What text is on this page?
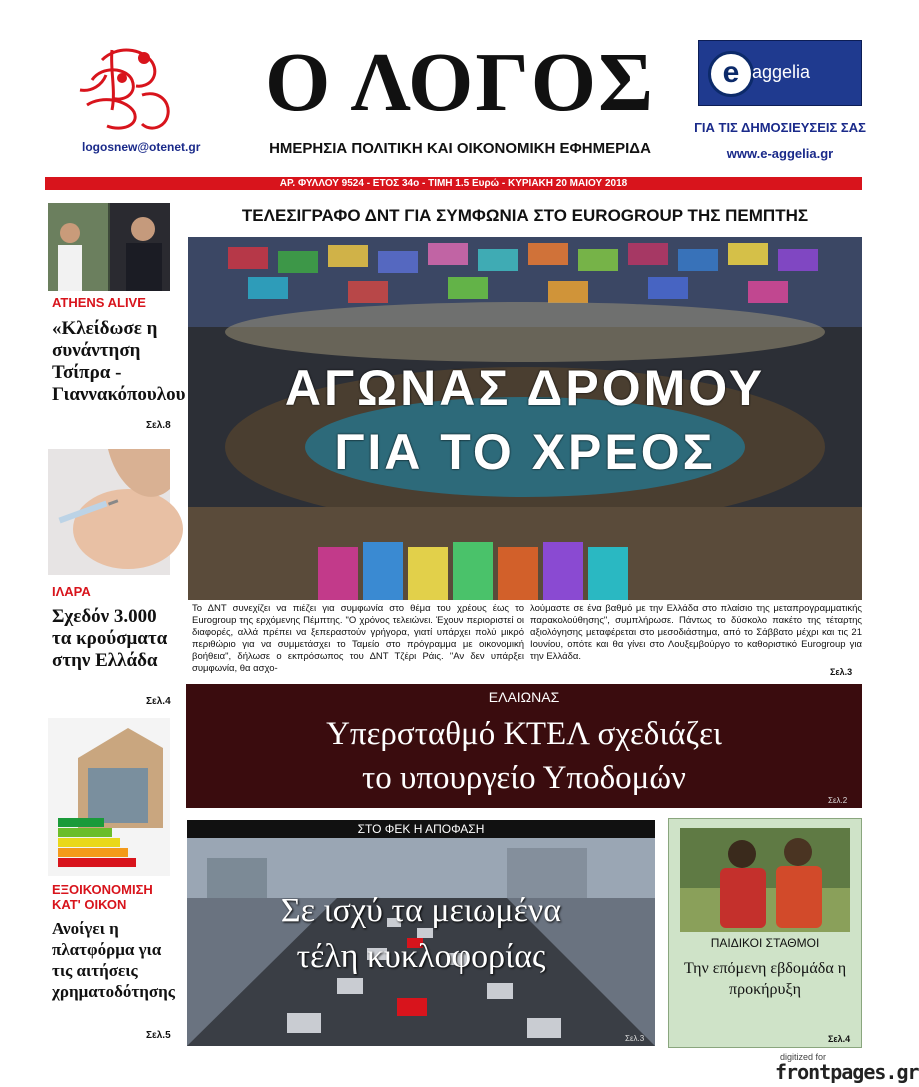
logosnew@otenet.gr
Ο ΛΟΓΟΣ
ΗΜΕΡΗΣΙΑ ΠΟΛΙΤΙΚΗ ΚΑΙ ΟΙΚΟΝΟΜΙΚΗ ΕΦΗΜΕΡΙΔΑ
e aggelia
ΓΙΑ ΤΙΣ ΔΗΜΟΣΙΕΥΣΕΙΣ ΣΑΣ
www.e-aggelia.gr
ΑΡ. ΦΥΛΛΟΥ 9524 - ΕΤΟΣ 34ο - ΤΙΜΗ 1.5 Ευρώ - ΚΥΡΙΑΚΗ 20 ΜΑΙΟΥ 2018
ATHENS ALIVE
«Κλείδωσε η συνάντηση Τσίπρα - Γιαννακόπουλου
Σελ.8
ΙΛΑΡΑ
Σχεδόν 3.000 τα κρούσματα στην Ελλάδα
Σελ.4
ΕΞΟΙΚΟΝΟΜΙΣΗ ΚΑΤ' ΟΙΚΟΝ
Ανοίγει η πλατφόρμα για τις αιτήσεις χρηματοδότησης
Σελ.5
ΤΕΛΕΣΙΓΡΑΦΟ ΔΝΤ ΓΙΑ ΣΥΜΦΩΝΙΑ ΣΤΟ EUROGROUP ΤΗΣ ΠΕΜΠΤΗΣ
ΑΓΩΝΑΣ ΔΡΟΜΟΥ
ΓΙΑ ΤΟ ΧΡΕΟΣ
Το ΔΝΤ συνεχίζει να πιέζει για συμφωνία στο θέμα του χρέους έως το Eurogroup της ερχόμενης Πέμπτης. "Ο χρόνος τελειώνει. Έχουν περιοριστεί οι διαφορές, αλλά πρέπει να ξεπεραστούν γρήγορα, γιατί υπάρχει πολύ μικρό περιθώριο για να συμμετάσχει το Ταμείο στο πρόγραμμα με οικονομική βοήθεια", δήλωσε ο εκπρόσωπος του ΔΝΤ Τζέρι Ράις. "Αν δεν υπάρξει συμφωνία, θα ασχο-
λούμαστε σε ένα βαθμό με την Ελλάδα στο πλαίσιο της μεταπρογραμματικής παρακολούθησης", συμπλήρωσε. Πάντως το δύσκολο πακέτο της τέταρτης αξιολόγησης μεταφέρεται στο μεσοδιάστημα, από το Σάββατο μέχρι και τις 21 Ιουνίου, οπότε και θα γίνει στο Λουξεμβούργο το καθοριστικό Eurogroup για την Ελλάδα.
Σελ.3
ΕΛΑΙΩΝΑΣ
Υπερσταθμό ΚΤΕΛ σχεδιάζει
το υπουργείο Υποδομών
Σελ.2
ΣΤΟ ΦΕΚ Η ΑΠΟΦΑΣΗ
Σε ισχύ τα μειωμένα
τέλη κυκλοφορίας
Σελ.3
ΠΑΙΔΙΚΟΙ ΣΤΑΘΜΟΙ
Την επόμενη εβδομάδα η προκήρυξη
Σελ.4
digitized for
frontpages.gr
